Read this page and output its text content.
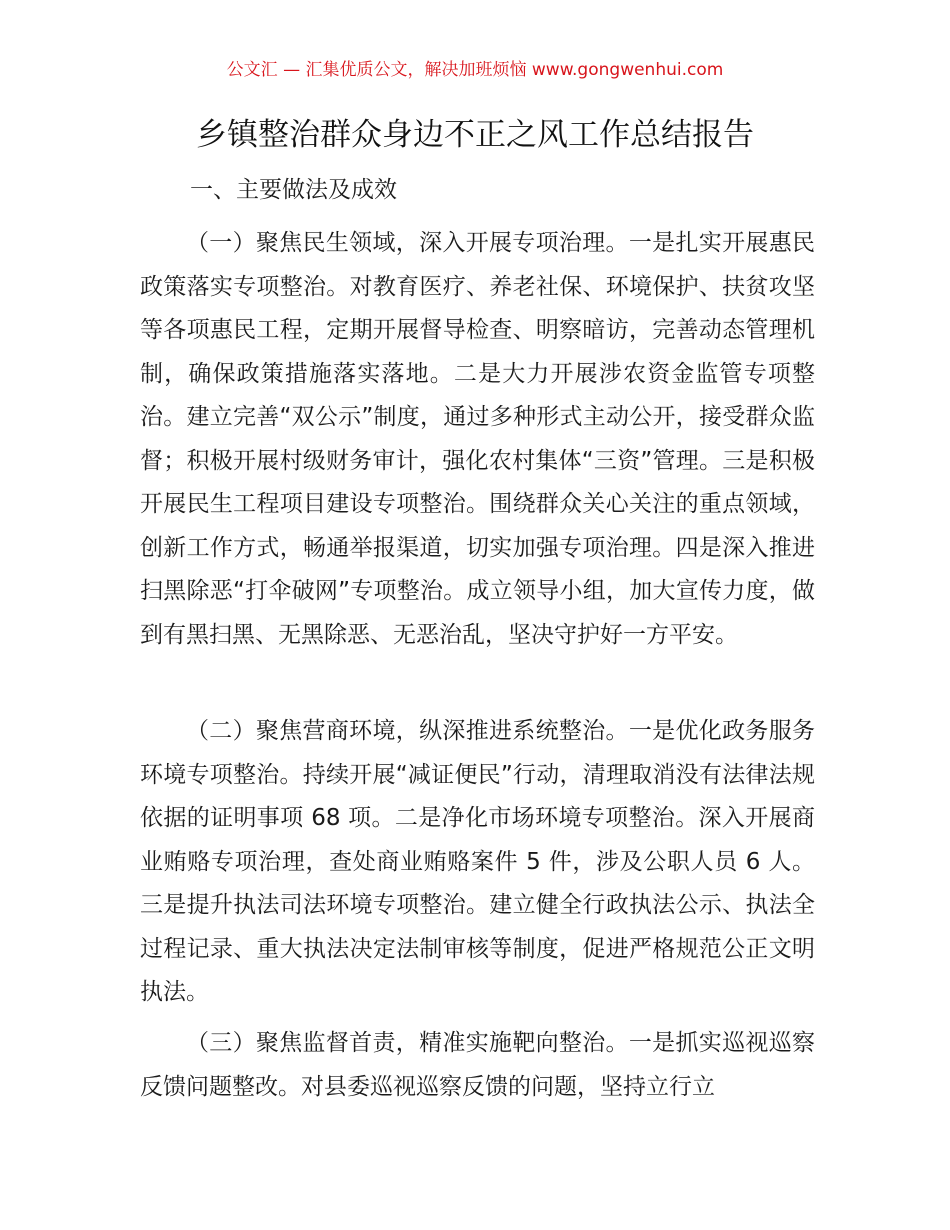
公文汇 — 汇集优质公文，解决加班烦恼 www.gongwenhui.com
乡镇整治群众身边不正之风工作总结报告
一、主要做法及成效

（一）聚焦民生领域，深入开展专项治理。一是扎实开展惠民政策落实专项整治。对教育医疗、养老社保、环境保护、扶贫攻坚等各项惠民工程，定期开展督导检查、明察暗访，完善动态管理机制，确保政策措施落实落地。二是大力开展涉农资金监管专项整治。建立完善“双公示”制度，通过多种形式主动公开，接受群众监督；积极开展村级财务审计，强化农村集体“三资”管理。三是积极开展民生工程项目建设专项整治。围绕群众关心关注的重点领域，创新工作方式，畅通举报渠道，切实加强专项治理。四是深入推进扫黑除恶“打伞破网”专项整治。成立领导小组，加大宣传力度，做到有黑扫黑、无黑除恶、无恶治乱，坚决守护好一方平安。

（二）聚焦营商环境，纵深推进系统整治。一是优化政务服务环境专项整治。持续开展“减证便民”行动，清理取消没有法律法规依据的证明事项 68 项。二是净化市场环境专项整治。深入开展商业贿赂专项治理，查处商业贿赂案件 5 件，涉及公职人员 6 人。三是提升执法司法环境专项整治。建立健全行政执法公示、执法全过程记录、重大执法决定法制审核等制度，促进严格规范公正文明执法。

（三）聚焦监督首责，精准实施靶向整治。一是抓实巡视巡察反馈问题整改。对县委巡视巡察反馈的问题，坚持立行立
